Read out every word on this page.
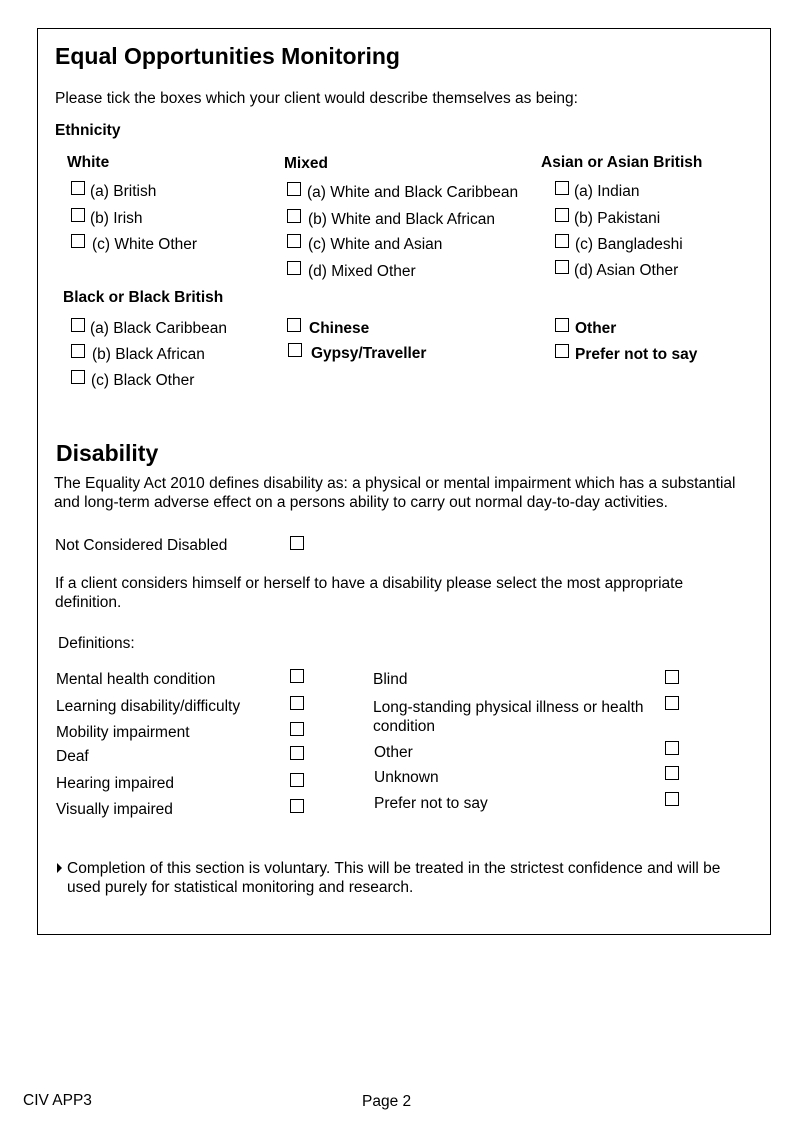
Equal Opportunities Monitoring
Please tick the boxes which your client would describe themselves as being:
Ethnicity
White
(a) British
(b) Irish
(c) White Other
Mixed
(a) White and Black Caribbean
(b) White and Black African
(c) White and Asian
(d) Mixed Other
Asian or Asian British
(a) Indian
(b) Pakistani
(c) Bangladeshi
(d) Asian Other
Black or Black British
(a) Black Caribbean
(b) Black African
(c) Black Other
Chinese
Gypsy/Traveller
Other
Prefer not to say
Disability
The Equality Act 2010 defines disability as: a physical or mental impairment which has a substantial and long-term adverse effect on a persons ability to carry out normal day-to-day activities.
Not Considered Disabled
If a client considers himself or herself to have a disability please select the most appropriate definition.
Definitions:
Mental health condition
Learning disability/difficulty
Mobility impairment
Deaf
Hearing impaired
Visually impaired
Blind
Long-standing physical illness or health condition
Other
Unknown
Prefer not to say
Completion of this section is voluntary. This will be treated in the strictest confidence and will be used purely for statistical monitoring and research.
CIV APP3	Page 2
